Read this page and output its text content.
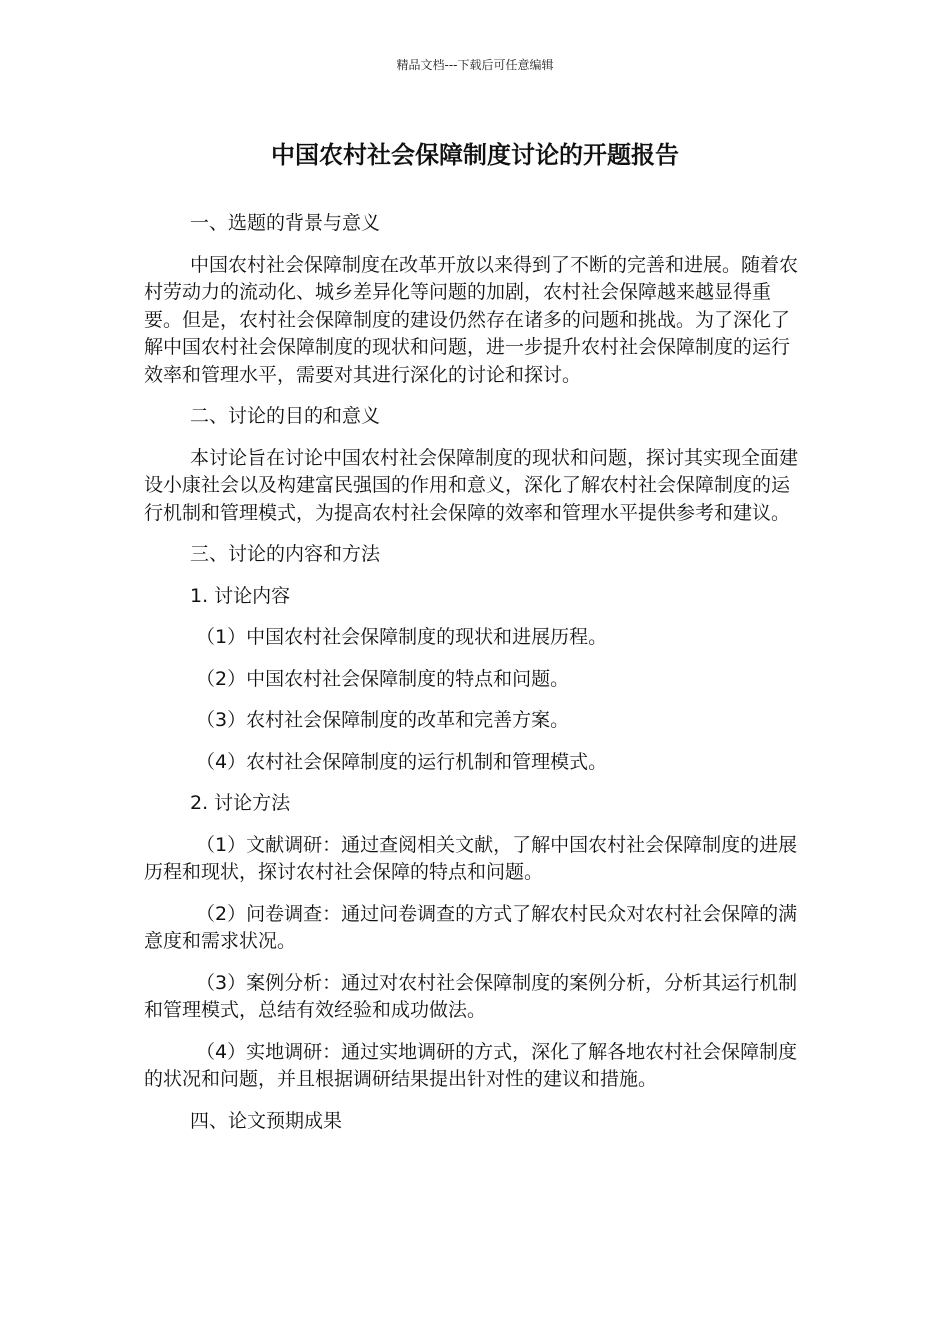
精品文档---下载后可任意编辑
中国农村社会保障制度讨论的开题报告

一、选题的背景与意义

中国农村社会保障制度在改革开放以来得到了不断的完善和进展。随着农村劳动力的流动化、城乡差异化等问题的加剧，农村社会保障越来越显得重要。但是，农村社会保障制度的建设仍然存在诸多的问题和挑战。为了深化了解中国农村社会保障制度的现状和问题，进一步提升农村社会保障制度的运行效率和管理水平，需要对其进行深化的讨论和探讨。

二、讨论的目的和意义

本讨论旨在讨论中国农村社会保障制度的现状和问题，探讨其实现全面建设小康社会以及构建富民强国的作用和意义，深化了解农村社会保障制度的运行机制和管理模式，为提高农村社会保障的效率和管理水平提供参考和建议。

三、讨论的内容和方法

1. 讨论内容

（1）中国农村社会保障制度的现状和进展历程。

（2）中国农村社会保障制度的特点和问题。

（3）农村社会保障制度的改革和完善方案。

（4）农村社会保障制度的运行机制和管理模式。

2. 讨论方法

（1）文献调研：通过查阅相关文献，了解中国农村社会保障制度的进展历程和现状，探讨农村社会保障的特点和问题。

（2）问卷调查：通过问卷调查的方式了解农村民众对农村社会保障的满意度和需求状况。

（3）案例分析：通过对农村社会保障制度的案例分析，分析其运行机制和管理模式，总结有效经验和成功做法。

（4）实地调研：通过实地调研的方式，深化了解各地农村社会保障制度的状况和问题，并且根据调研结果提出针对性的建议和措施。

四、论文预期成果
